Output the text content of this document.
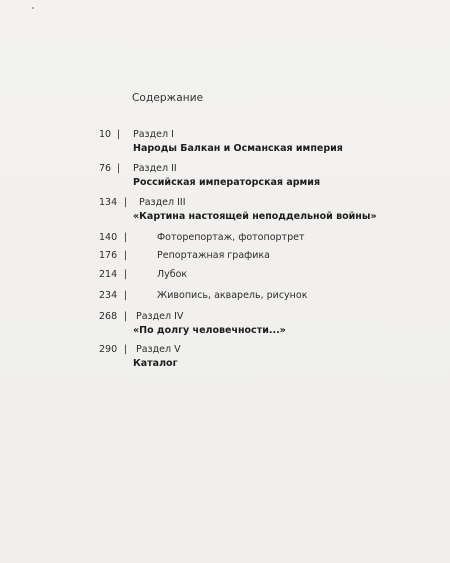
Содержание
10 | Раздел I
Народы Балкан и Османская империя
76 | Раздел II
Российская императорская армия
134 | Раздел III
«Картина настоящей неподдельной войны»
140 |	Фоторепортаж, фотопортрет
176 |	Репортажная графика
214 |	Лубок
234 |	Живопись, акварель, рисунок
268 | Раздел IV
«По долгу человечности...»
290 | Раздел V
Каталог
